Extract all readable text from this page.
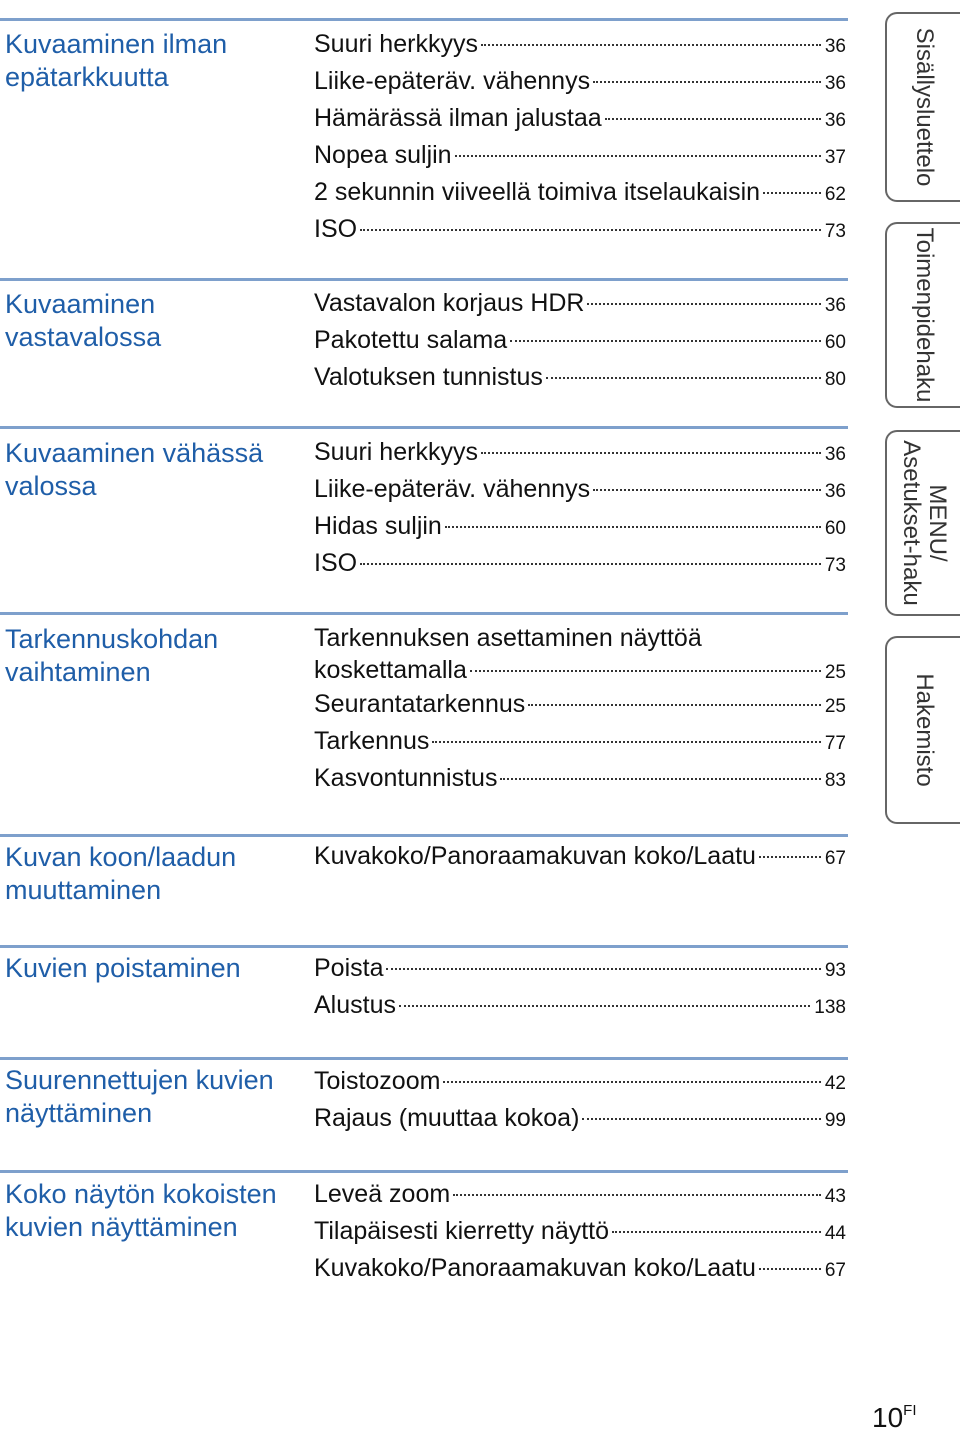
Kuvaaminen ilman epätarkkuutta
Suuri herkkyys	36
Liike-epäteräv. vähennys	36
Hämärässä ilman jalustaa	36
Nopea suljin	37
2 sekunnin viiveellä toimiva itselaukaisin	62
ISO	73
Kuvaaminen vastavalossa
Vastavalon korjaus HDR	36
Pakotettu salama	60
Valotuksen tunnistus	80
Kuvaaminen vähässä valossa
Suuri herkkyys	36
Liike-epäteräv. vähennys	36
Hidas suljin	60
ISO	73
Tarkennuskohdan vaihtaminen
Tarkennuksen asettaminen näyttöä
koskettamalla	25
Seurantatarkennus	25
Tarkennus	77
Kasvontunnistus	83
Kuvan koon/laadun muuttaminen
Kuvakoko/Panoraamakuvan koko/Laatu	67
Kuvien poistaminen	Poista	93
Alustus	138
Suurennettujen kuvien näyttäminen
Toistozoom	42
Rajaus (muuttaa kokoa)	99
Koko näytön kokoisten kuvien näyttäminen
Leveä zoom	43
Tilapäisesti kierretty näyttö	44
Kuvakoko/Panoraamakuvan koko/Laatu	67
Sisällysluettelo
Toimenpidehaku
MENU/
Asetukset-haku
Hakemisto
$10^{FI}$
